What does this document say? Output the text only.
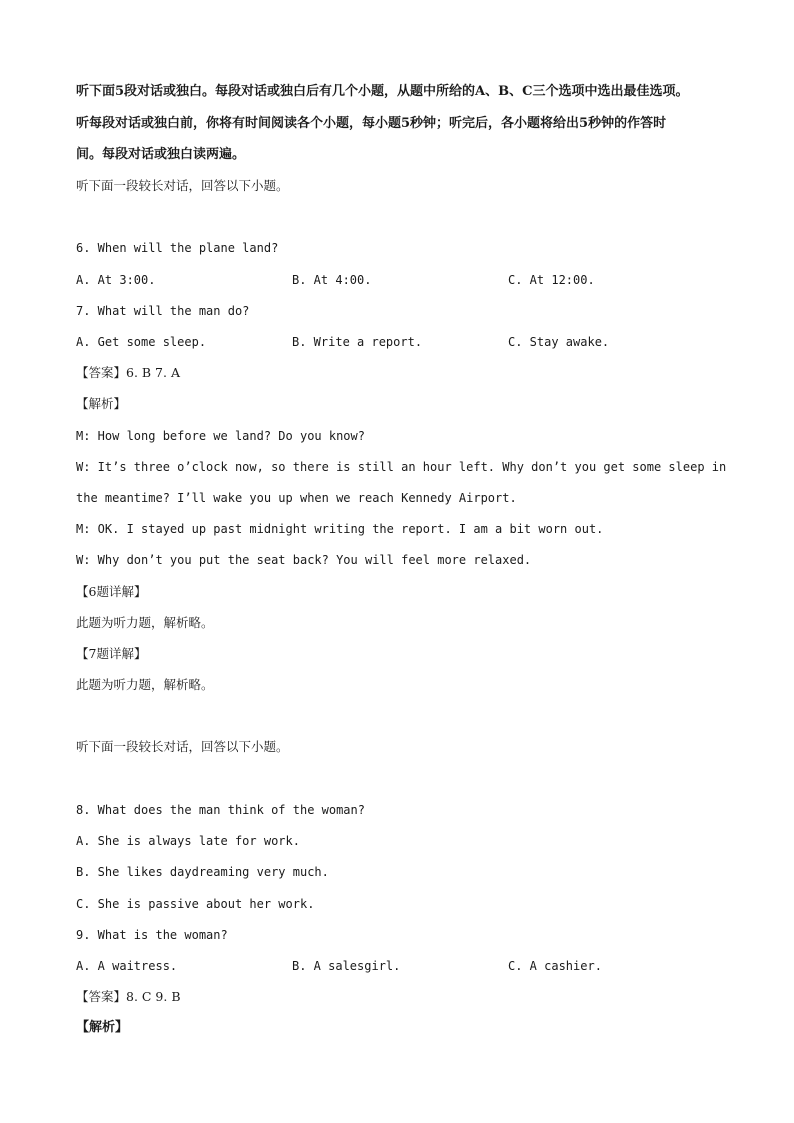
听下面5段对话或独白。每段对话或独白后有几个小题，从题中所给的A、B、C三个选项中选出最佳选项。
听每段对话或独白前，你将有时间阅读各个小题，每小题5秒钟；听完后，各小题将给出5秒钟的作答时
间。每段对话或独白读两遍。
听下面一段较长对话，回答以下小题。
6. When will the plane land?
A. At 3:00.	B. At 4:00.	C. At 12:00.
7. What will the man do?
A. Get some sleep.	B. Write a report.	C. Stay awake.
【答案】6. B 7. A
【解析】
M: How long before we land? Do you know?
W: It’s three o’clock now, so there is still an hour left. Why don’t you get some sleep in
the meantime? I’ll wake you up when we reach Kennedy Airport.
M: OK. I stayed up past midnight writing the report. I am a bit worn out.
W: Why don’t you put the seat back? You will feel more relaxed.
【6题详解】
此题为听力题，解析略。
【7题详解】
此题为听力题，解析略。
听下面一段较长对话，回答以下小题。
8. What does the man think of the woman?
A. She is always late for work.
B. She likes daydreaming very much.
C. She is passive about her work.
9. What is the woman?
A. A waitress.	B. A salesgirl.	C. A cashier.
【答案】8. C 9. B
【解析】
